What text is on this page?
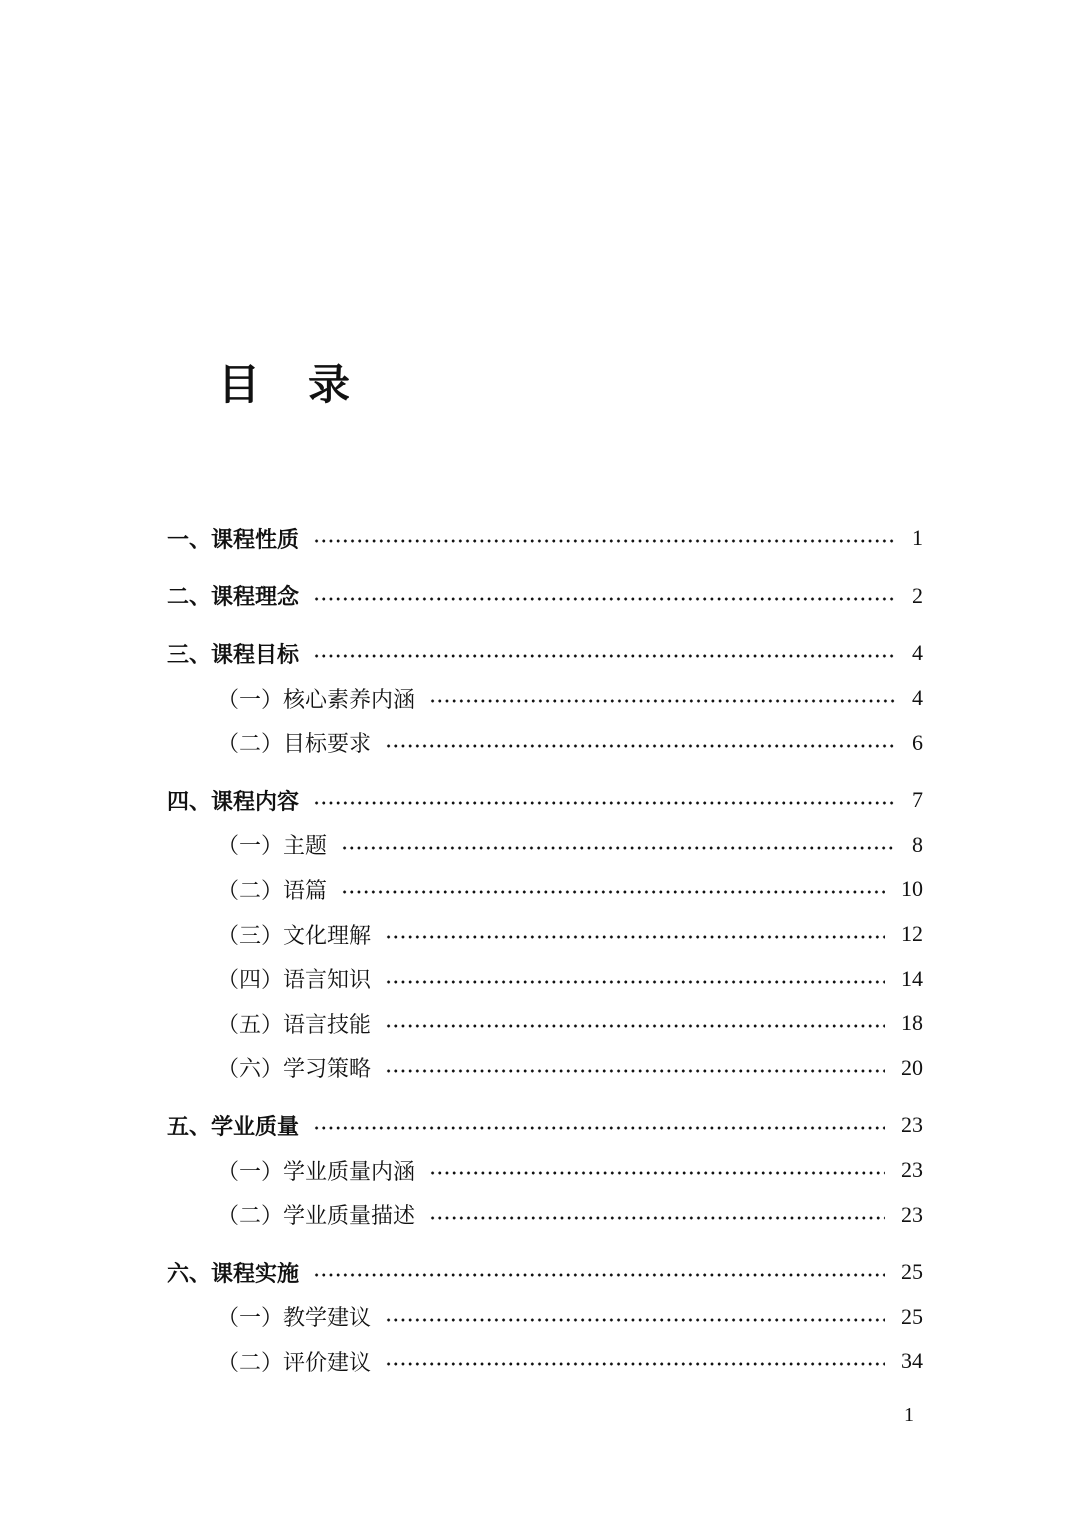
目录
一、课程性质	1
二、课程理念	2
三、课程目标	4
（一）核心素养内涵	4
（二）目标要求	6
四、课程内容	7
（一）主题	8
（二）语篇	10
（三）文化理解	12
（四）语言知识	14
（五）语言技能	18
（六）学习策略	20
五、学业质量	23
（一）学业质量内涵	23
（二）学业质量描述	23
六、课程实施	25
（一）教学建议	25
（二）评价建议	34
1
